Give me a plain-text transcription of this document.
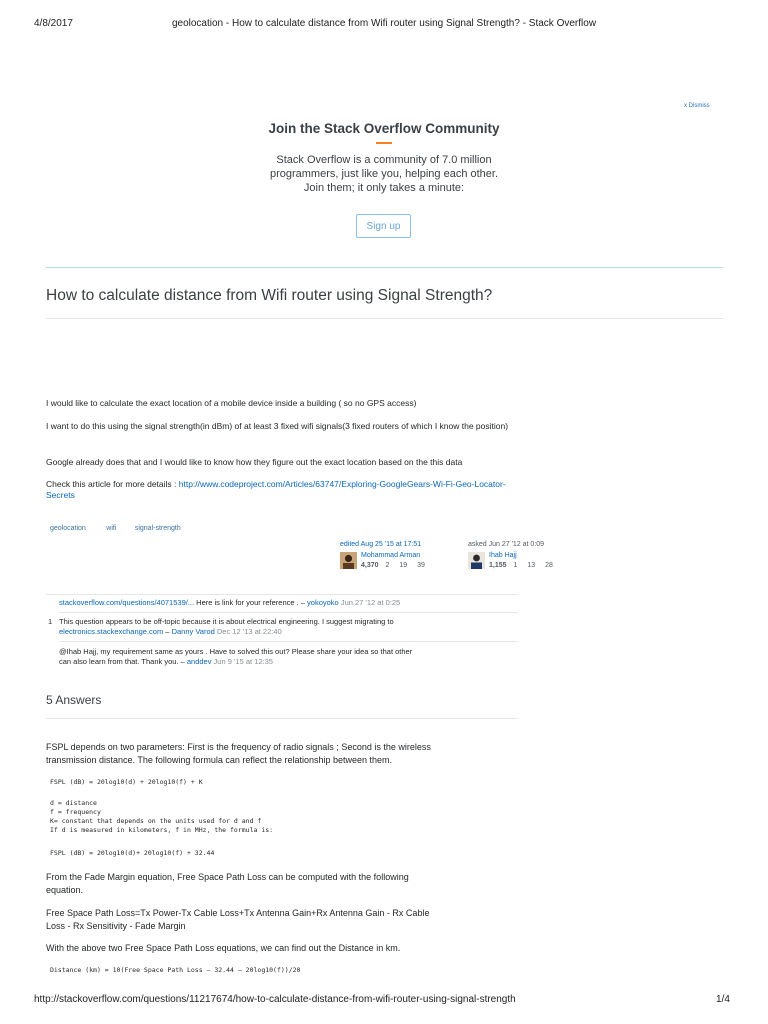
4/8/2017	geolocation - How to calculate distance from Wifi router using Signal Strength? - Stack Overflow
x Dismiss
Join the Stack Overflow Community
Stack Overflow is a community of 7.0 million
programmers, just like you, helping each other.
Join them; it only takes a minute:
Sign up
How to calculate distance from Wifi router using Signal Strength?
I would like to calculate the exact location of a mobile device inside a building ( so no GPS access)
I want to do this using the signal strength(in dBm) of at least 3 fixed wifi signals(3 fixed routers of which I know the position)
Google already does that and I would like to know how they figure out the exact location based on the this data
Check this article for more details : http://www.codeproject.com/Articles/63747/Exploring-GoogleGears-Wi-Fi-Geo-Locator-Secrets
geolocation	wifi	signal-strength
edited Aug 25 '15 at 17:51
Mohammad Arman
4,370 2 19 39
asked Jun 27 '12 at 0:09
Ihab Hajj
1,155 1 13 28
stackoverflow.com/questions/4071539/... Here is link for your reference . – yokoyoko Jun 27 '12 at 0:25
1 This question appears to be off-topic because it is about electrical engineering. I suggest migrating to
electronics.stackexchange.com – Danny Varod Dec 12 '13 at 22:40
@Ihab Hajj, my requirement same as yours . Have to solved this out? Please share your idea so that other
can also learn from that. Thank you. – anddev Jun 9 '15 at 12:35
5 Answers
FSPL depends on two parameters: First is the frequency of radio signals ; Second is the wireless transmission distance. The following formula can reflect the relationship between them.
FSPL (dB) = 20log10(d) + 20log10(f) + K
d = distance
f = frequency
K= constant that depends on the units used for d and f
If d is measured in kilometers, f in MHz, the formula is:
FSPL (dB) = 20log10(d)+ 20log10(f) + 32.44
From the Fade Margin equation, Free Space Path Loss can be computed with the following equation.
Free Space Path Loss=Tx Power-Tx Cable Loss+Tx Antenna Gain+Rx Antenna Gain - Rx Cable Loss - Rx Sensitivity - Fade Margin
With the above two Free Space Path Loss equations, we can find out the Distance in km.
Distance (km) = 10(Free Space Path Loss – 32.44 – 20log10(f))/20
http://stackoverflow.com/questions/11217674/how-to-calculate-distance-from-wifi-router-using-signal-strength	1/4
